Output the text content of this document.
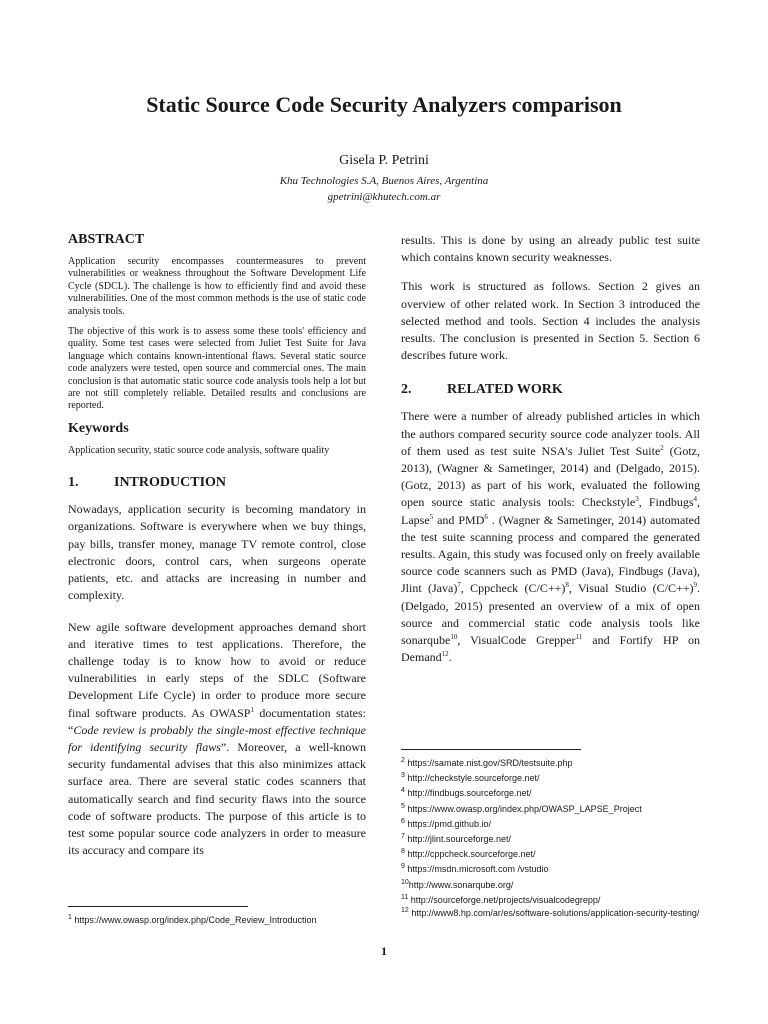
Static Source Code Security Analyzers comparison
Gisela P. Petrini
Khu Technologies S.A, Buenos Aires, Argentina
gpetrini@khutech.com.ar
ABSTRACT

Application security encompasses countermeasures to prevent vulnerabilities or weakness throughout the Software Development Life Cycle (SDCL). The challenge is how to efficiently find and avoid these vulnerabilities. One of the most common methods is the use of static code analysis tools.

The objective of this work is to assess some these tools' efficiency and quality. Some test cases were selected from Juliet Test Suite for Java language which contains known-intentional flaws. Several static source code analyzers were tested, open source and commercial ones. The main conclusion is that automatic static source code analysis tools help a lot but are not still completely reliable. Detailed results and conclusions are reported.

Keywords

Application security, static source code analysis, software quality

1.	INTRODUCTION

Nowadays, application security is becoming mandatory in organizations. Software is everywhere when we buy things, pay bills, transfer money, manage TV remote control, close electronic doors, control cars, when surgeons operate patients, etc. and attacks are increasing in number and complexity.

New agile software development approaches demand short and iterative times to test applications. Therefore, the challenge today is to know how to avoid or reduce vulnerabilities in early steps of the SDLC (Software Development Life Cycle) in order to produce more secure final software products. As OWASP$^1$ documentation states: “Code review is probably the single-most effective technique for identifying security flaws”. Moreover, a well-known security fundamental advises that this also minimizes attack surface area. There are several static codes scanners that automatically search and find security flaws into the source code of software products. The purpose of this article is to test some popular source code analyzers in order to measure its accuracy and compare its

results. This is done by using an already public test suite which contains known security weaknesses.

This work is structured as follows. Section 2 gives an overview of other related work. In Section 3 introduced the selected method and tools. Section 4 includes the analysis results. The conclusion is presented in Section 5. Section 6 describes future work.

2.	RELATED WORK

There were a number of already published articles in which the authors compared security source code analyzer tools. All of them used as test suite NSA's Juliet Test Suite$^2$ (Gotz, 2013), (Wagner & Sametinger, 2014) and (Delgado, 2015). (Gotz, 2013) as part of his work, evaluated the following open source static analysis tools: Checkstyle$^3$, Findbugs$^4$, Lapse$^5$ and PMD$^6$ . (Wagner & Sametinger, 2014) automated the test suite scanning process and compared the generated results. Again, this study was focused only on freely available source code scanners such as PMD (Java), Findbugs (Java), Jlint (Java)$^7$, Cppcheck $(C/C++)^8$, Visual Studio $(C/C++)^9$. (Delgado, 2015) presented an overview of a mix of open source and commercial static code analysis tools like sonarqube$^{10}$, VisualCode Grepper$^{11}$ and Fortify HP on Demand$^{12}$.

$^2$ https://samate.nist.gov/SRD/testsuite.php
$^3$ http://checkstyle.sourceforge.net/
$^4$ http://findbugs.sourceforge.net/
$^5$ https://www.owasp.org/index.php/OWASP_LAPSE_Project
$^6$ https://pmd.github.io/
$^7$ http://jlint.sourceforge.net/
$^8$ http://cppcheck.sourceforge.net/
$^9$ https://msdn.microsoft.com /vstudio
$^{10}$http://www.sonarqube.org/
$^{11}$ http://sourceforge.net/projects/visualcodegrepp/
$^{12}$ http://www8.hp.com/ar/es/software-solutions/application-security-testing/
$^1$ https://www.owasp.org/index.php/Code_Review_Introduction
1
